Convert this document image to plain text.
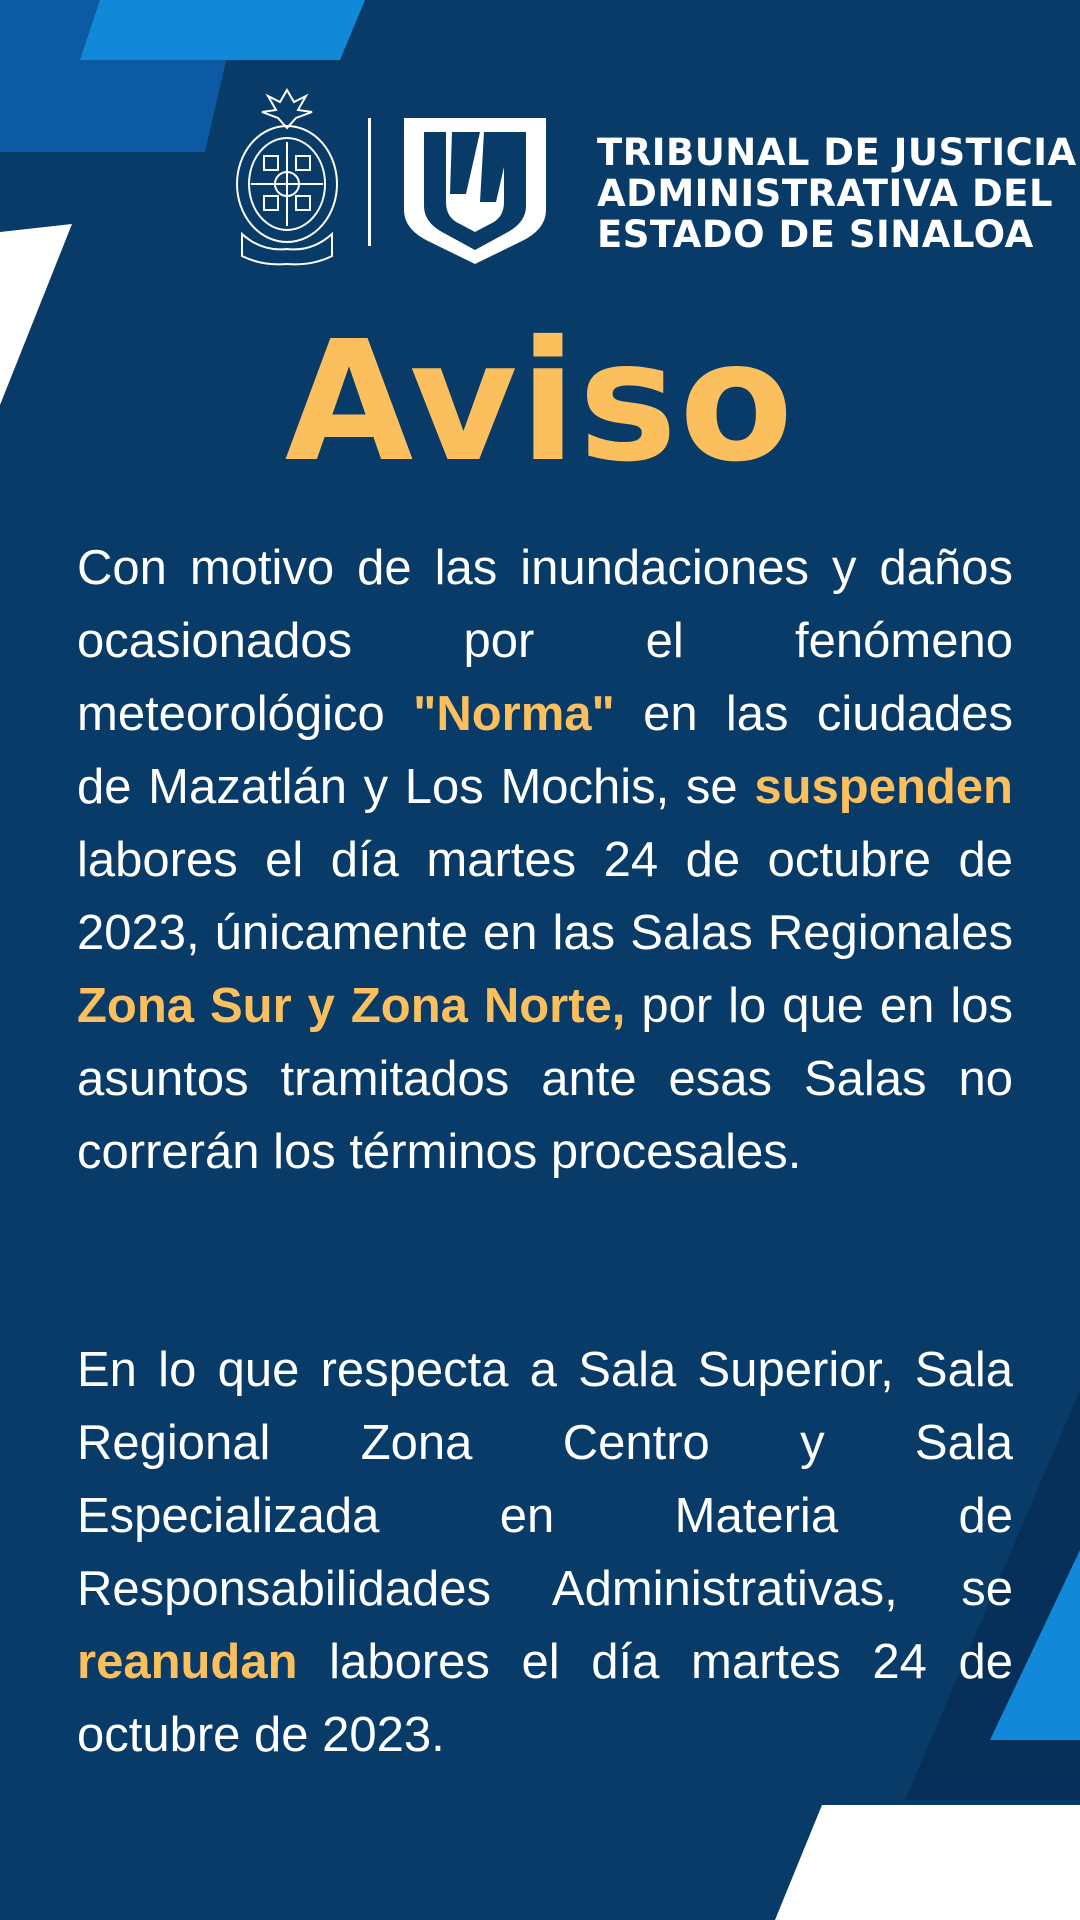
TRIBUNAL DE JUSTICIA
ADMINISTRATIVA DEL
ESTADO DE SINALOA
Aviso
Con motivo de las inundaciones y daños ocasionados por el fenómeno meteorológico "Norma" en las ciudades de Mazatlán y Los Mochis, se suspenden labores el día martes 24 de octubre de 2023, únicamente en las Salas Regionales Zona Sur y Zona Norte, por lo que en los asuntos tramitados ante esas Salas no correrán los términos procesales.
En lo que respecta a Sala Superior, Sala Regional Zona Centro y Sala Especializada en Materia de Responsabilidades Administrativas, se reanudan labores el día martes 24 de octubre de 2023.
